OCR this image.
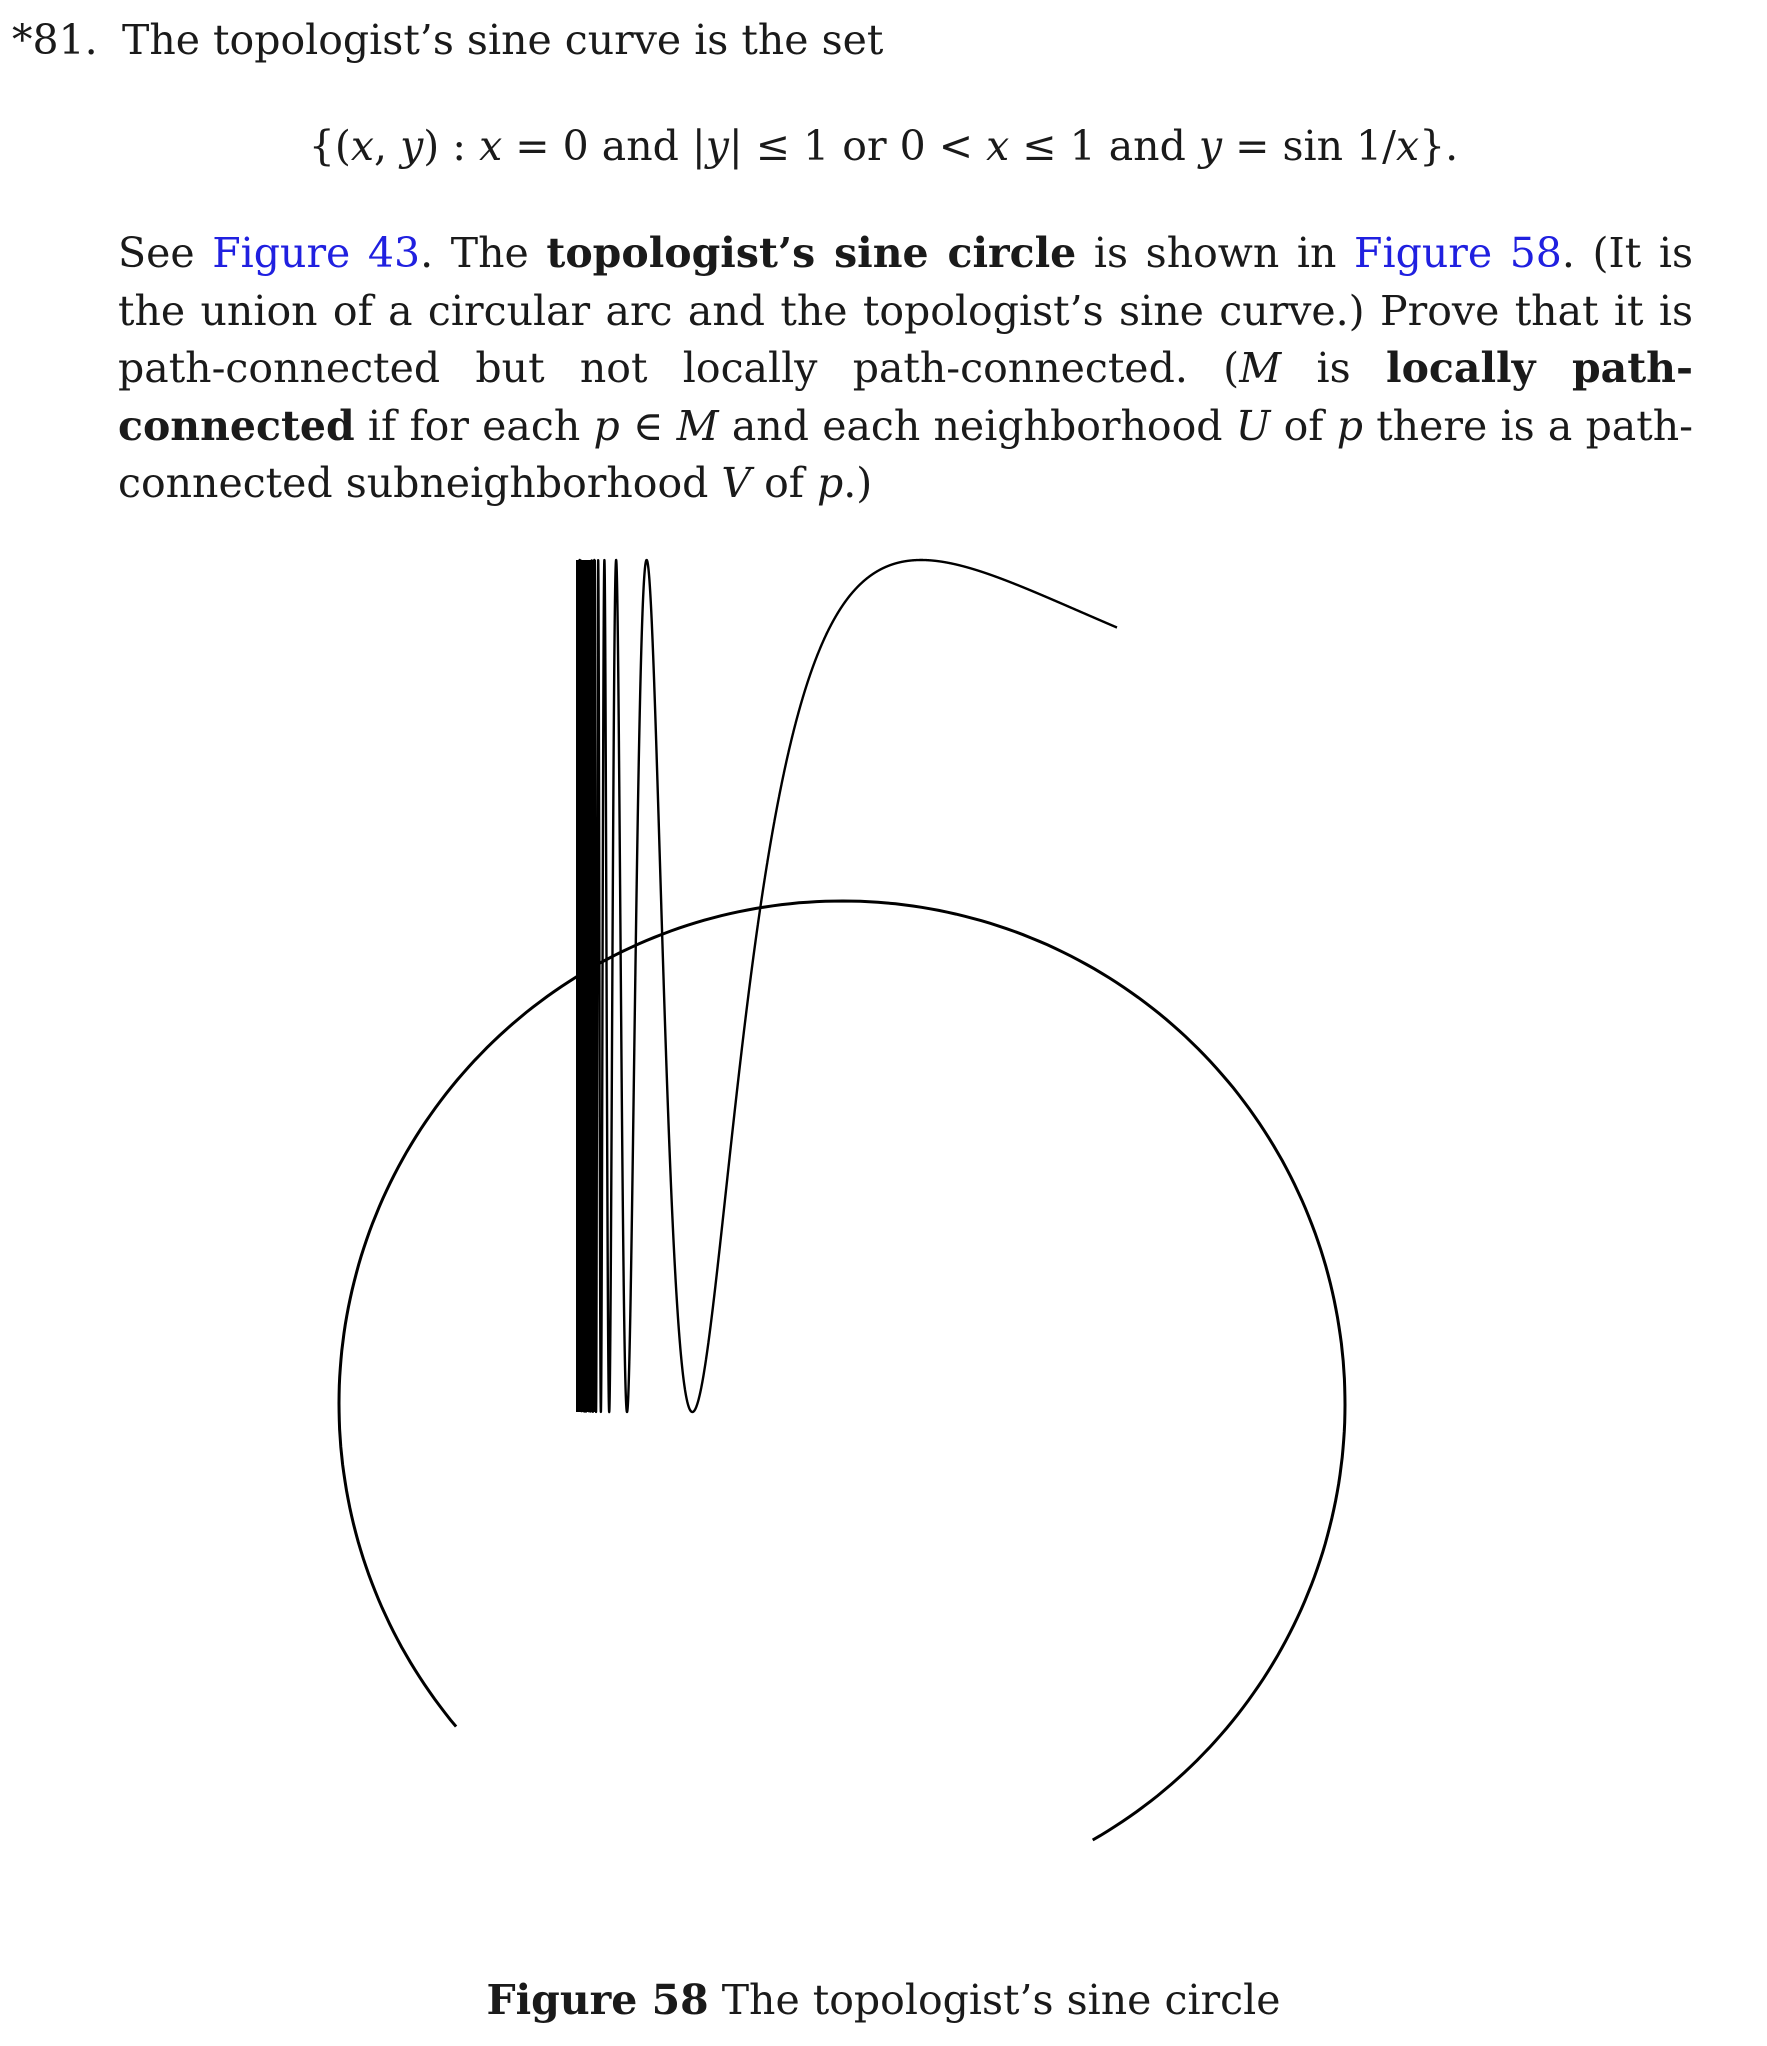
*81. The topologist’s sine curve is the set
{(x, y) : x = 0 and |y| ≤ 1 or 0 < x ≤ 1 and y = sin 1/x}.
See Figure 43. The topologist’s sine circle is shown in Figure 58. (It is the union of a circular arc and the topologist’s sine curve.) Prove that it is path-connected but not locally path-connected. (M is locally path-connected if for each p ∈ M and each neighborhood U of p there is a path-connected subneighborhood V of p.)
Figure 58 The topologist’s sine circle
